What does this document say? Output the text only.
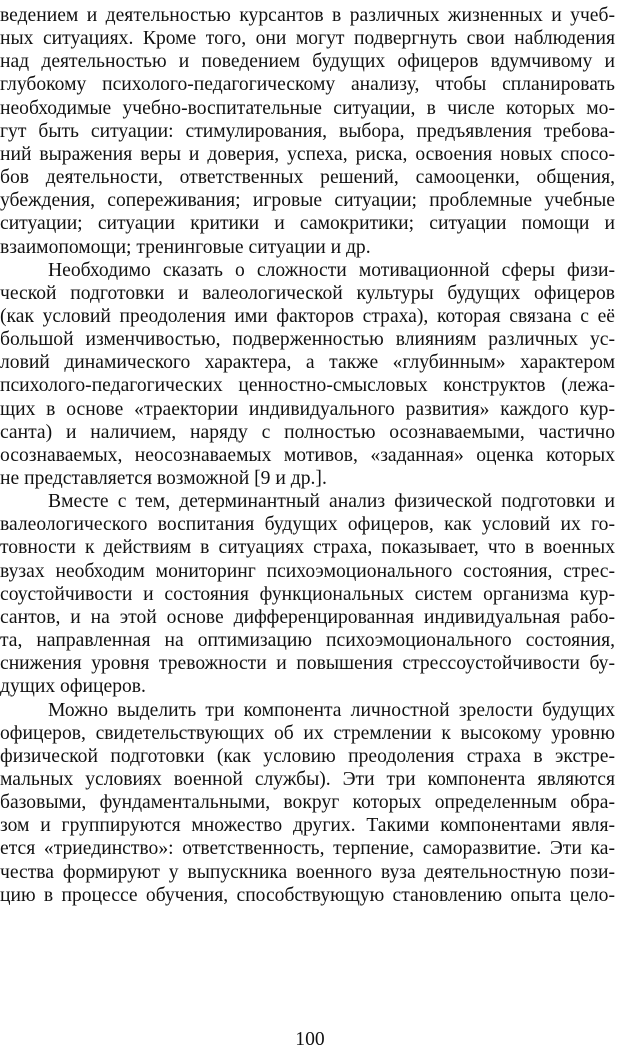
ведением и деятельностью курсантов в различных жизненных и учеб-
ных ситуациях. Кроме того, они могут подвергнуть свои наблюдения
над деятельностью и поведением будущих офицеров вдумчивому и
глубокому психолого-педагогическому анализу, чтобы спланировать
необходимые учебно-воспитательные ситуации, в числе которых мо-
гут быть ситуации: стимулирования, выбора, предъявления требова-
ний выражения веры и доверия, успеха, риска, освоения новых спосо-
бов деятельности, ответственных решений, самооценки, общения,
убеждения, сопереживания; игровые ситуации; проблемные учебные
ситуации; ситуации критики и самокритики; ситуации помощи и
взаимопомощи; тренинговые ситуации и др.
Необходимо сказать о сложности мотивационной сферы физи-
ческой подготовки и валеологической культуры будущих офицеров
(как условий преодоления ими факторов страха), которая связана с её
большой изменчивостью, подверженностью влияниям различных ус-
ловий динамического характера, а также «глубинным» характером
психолого-педагогических ценностно-смысловых конструктов (лежа-
щих в основе «траектории индивидуального развития» каждого кур-
санта) и наличием, наряду с полностью осознаваемыми, частично
осознаваемых, неосознаваемых мотивов, «заданная» оценка которых
не представляется возможной [9 и др.].
Вместе с тем, детерминантный анализ физической подготовки и
валеологического воспитания будущих офицеров, как условий их го-
товности к действиям в ситуациях страха, показывает, что в военных
вузах необходим мониторинг психоэмоционального состояния, стрес-
соустойчивости и состояния функциональных систем организма кур-
сантов, и на этой основе дифференцированная индивидуальная рабо-
та, направленная на оптимизацию психоэмоционального состояния,
снижения уровня тревожности и повышения стрессоустойчивости бу-
дущих офицеров.
Можно выделить три компонента личностной зрелости будущих
офицеров, свидетельствующих об их стремлении к высокому уровню
физической подготовки (как условию преодоления страха в экстре-
мальных условиях военной службы). Эти три компонента являются
базовыми, фундаментальными, вокруг которых определенным обра-
зом и группируются множество других. Такими компонентами явля-
ется «триединство»: ответственность, терпение, саморазвитие. Эти ка-
чества формируют у выпускника военного вуза деятельностную пози-
цию в процессе обучения, способствующую становлению опыта цело-
100
